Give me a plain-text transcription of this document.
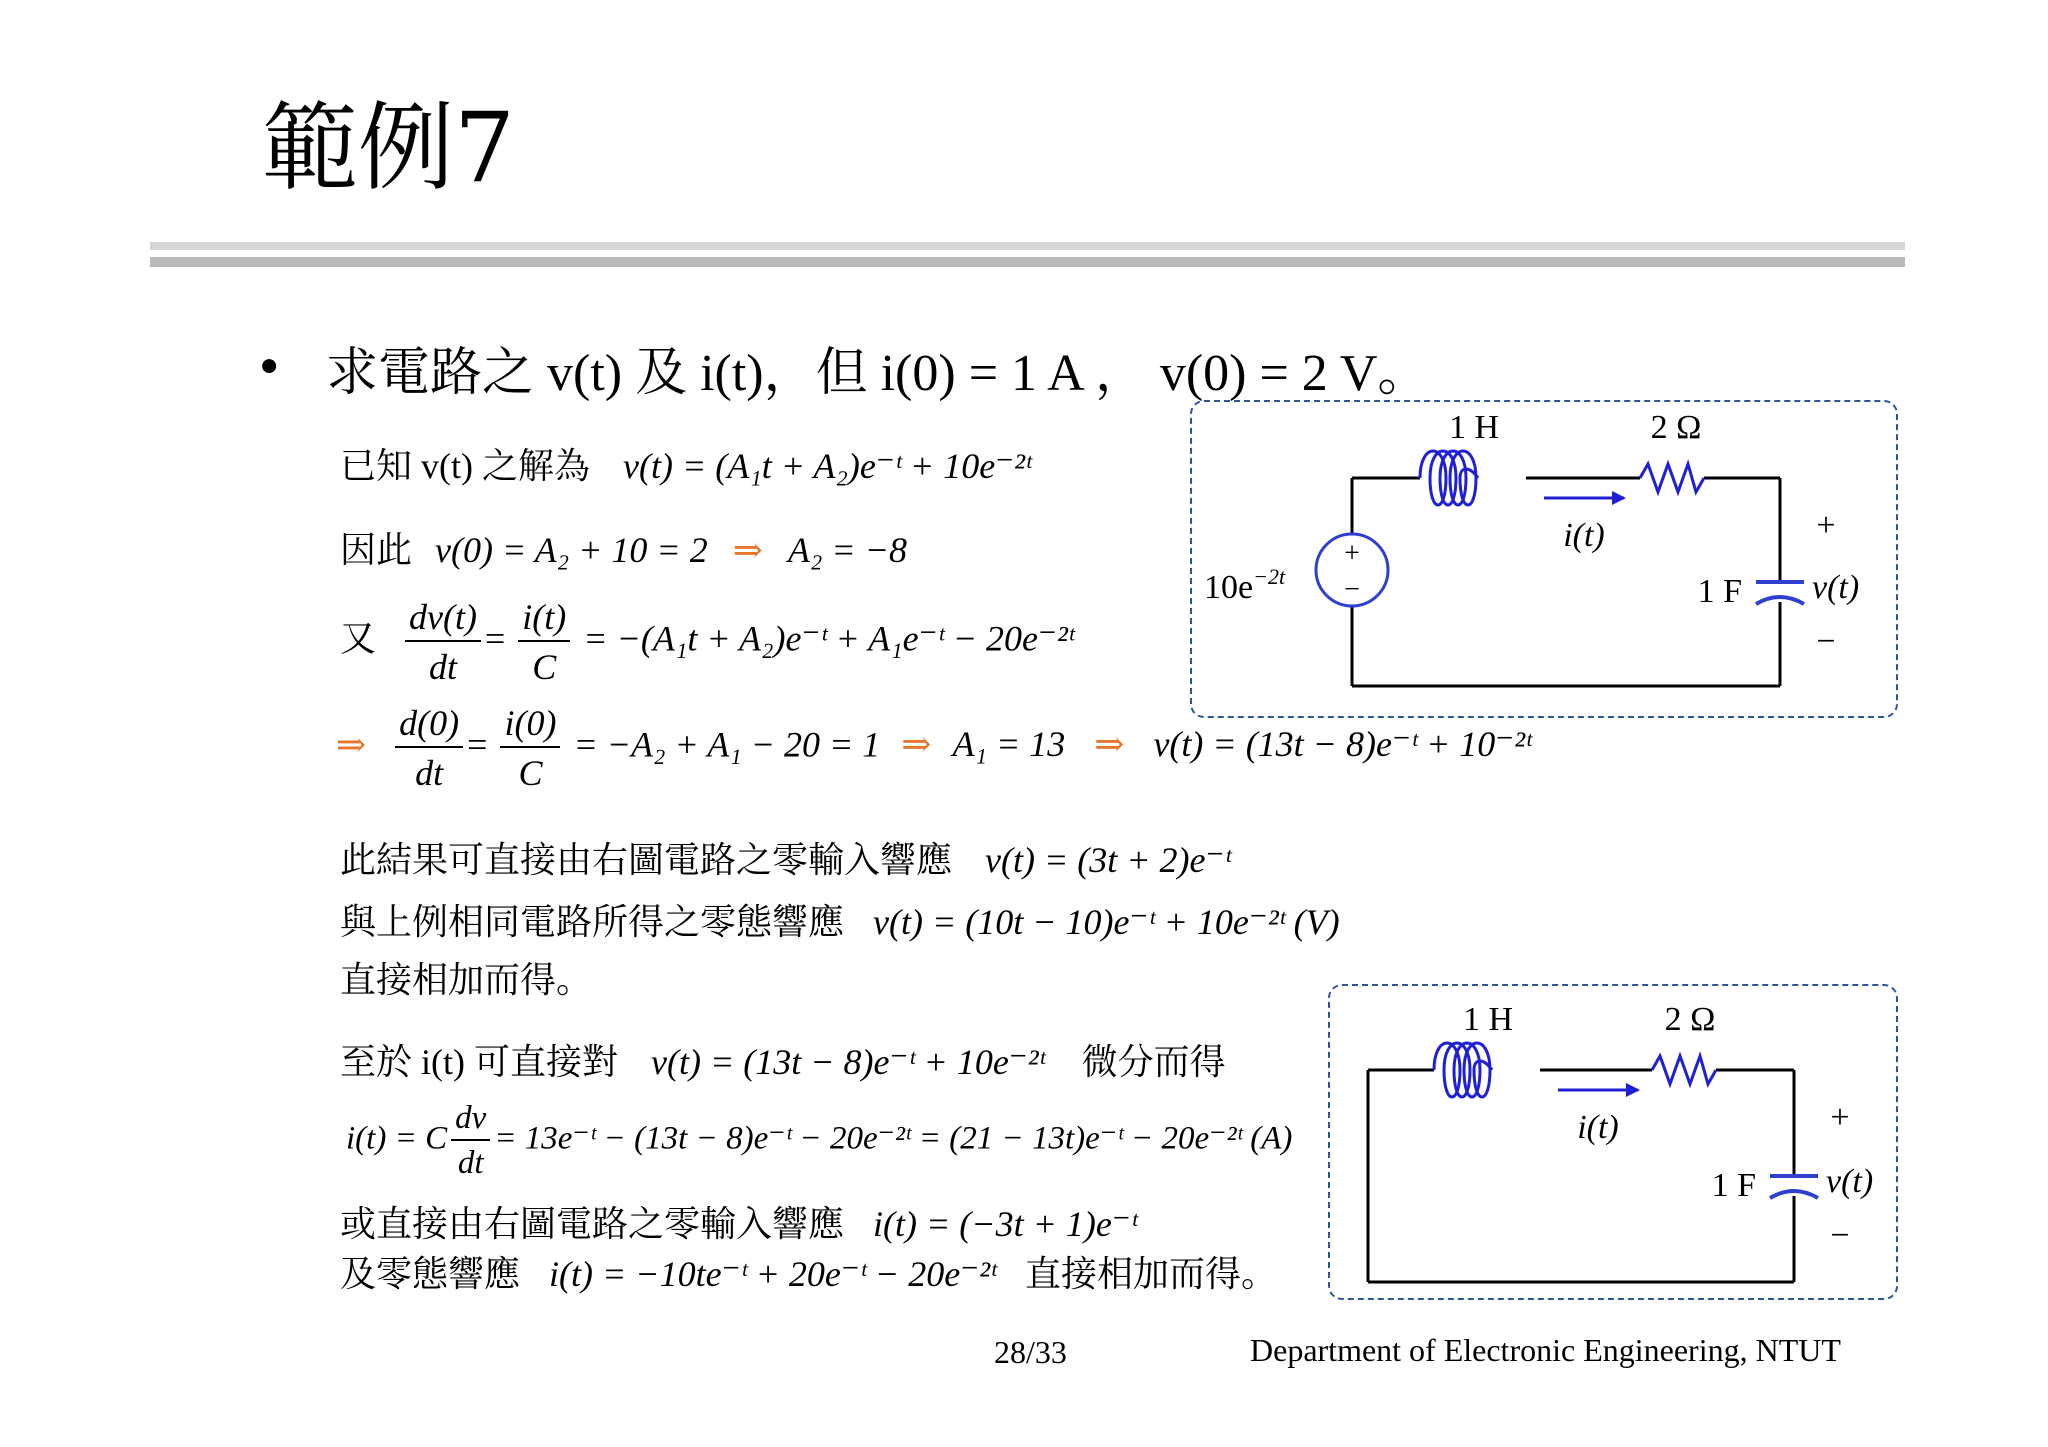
範例7
• 求電路之 v(t) 及 i(t)，但 i(0) = 1 A ， v(0) = 2 V。
已知 v(t) 之解為 v(t) = (A₁t + A₂)e⁻ᵗ + 10e⁻²ᵗ
因此 v(0) = A₂ + 10 = 2 ⇒ A₂ = −8
又 $\frac{dv(t)}{dt} = \frac{i(t)}{C} = -(A_1t$ + A₂)e⁻ᵗ + A₁e⁻ᵗ − 20e⁻²ᵗ
⇒ $\frac{d(0)}{dt} = \frac{i(0)}{C} = -A_2 + A_1 - 20 = 1$ ⇒ A₁ = 13 ⇒ v(t) = (13t − 8)e⁻ᵗ + 10⁻²ᵗ
此結果可直接由右圖電路之零輸入響應 v(t) = (3t + 2)e⁻ᵗ
與上例相同電路所得之零態響應 v(t) = (10t − 10)e⁻ᵗ + 10e⁻²ᵗ (V)
直接相加而得。
至於 i(t) 可直接對 v(t) = (13t − 8)e⁻ᵗ + 10e⁻²ᵗ 微分而得
i(t) = C $\frac{dv}{dt}$ = 13e⁻ᵗ − (13t − 8)e⁻ᵗ − 20e⁻²ᵗ = (21 − 13t)e⁻ᵗ − 20e⁻²ᵗ (A)
或直接由右圖電路之零輸入響應 i(t) = (−3t + 1)e⁻ᵗ
及零態響應 i(t) = −10te⁻ᵗ + 20e⁻ᵗ − 20e⁻²ᵗ 直接相加而得。
1 H	2 Ω
i(t)
+
−
$10e^{-2t}$	1 F
+
v(t)
−
1 H	2 Ω
i(t)
1 F
+
v(t)
−
28/33	Department of Electronic Engineering, NTUT
